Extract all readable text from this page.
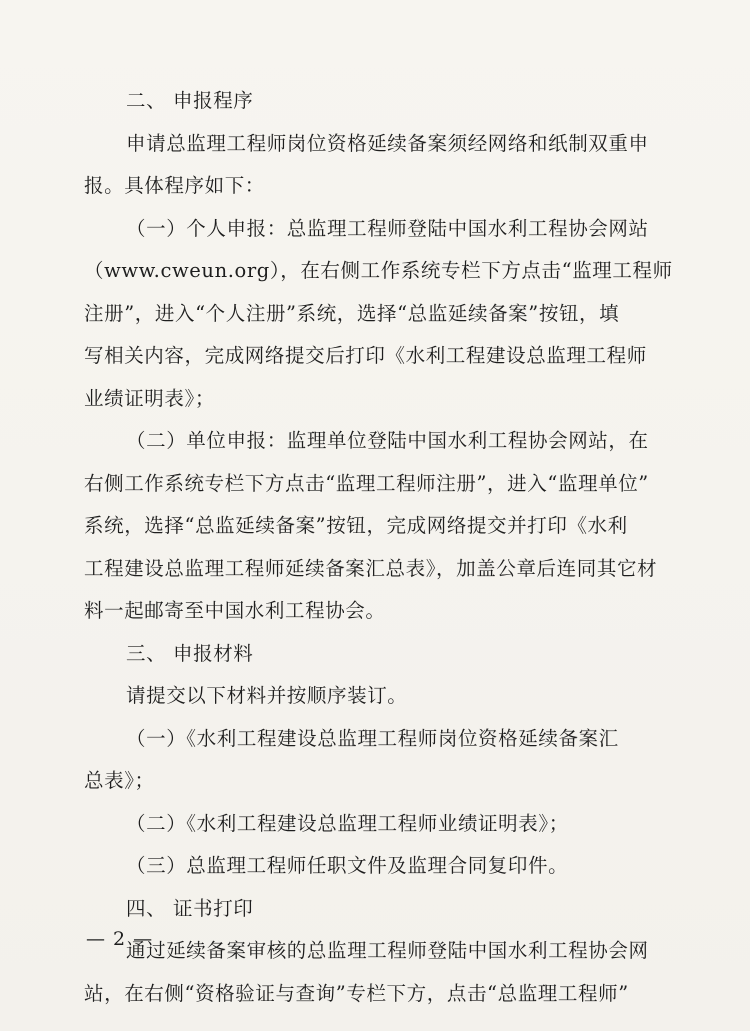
二、 申报程序
申请总监理工程师岗位资格延续备案须经网络和纸制双重申
报。具体程序如下：
（一）个人申报：总监理工程师登陆中国水利工程协会网站
（www.cweun.org），在右侧工作系统专栏下方点击“监理工程师
注册”，进入“个人注册”系统，选择“总监延续备案”按钮，填
写相关内容，完成网络提交后打印《水利工程建设总监理工程师
业绩证明表》；
（二）单位申报：监理单位登陆中国水利工程协会网站，在
右侧工作系统专栏下方点击“监理工程师注册”，进入“监理单位”
系统，选择“总监延续备案”按钮，完成网络提交并打印《水利
工程建设总监理工程师延续备案汇总表》，加盖公章后连同其它材
料一起邮寄至中国水利工程协会。
三、 申报材料
请提交以下材料并按顺序装订。
（一）《水利工程建设总监理工程师岗位资格延续备案汇
总表》；
（二）《水利工程建设总监理工程师业绩证明表》；
（三）总监理工程师任职文件及监理合同复印件。
四、 证书打印
通过延续备案审核的总监理工程师登陆中国水利工程协会网
站，在右侧“资格验证与查询”专栏下方，点击“总监理工程师”
— 2 —
